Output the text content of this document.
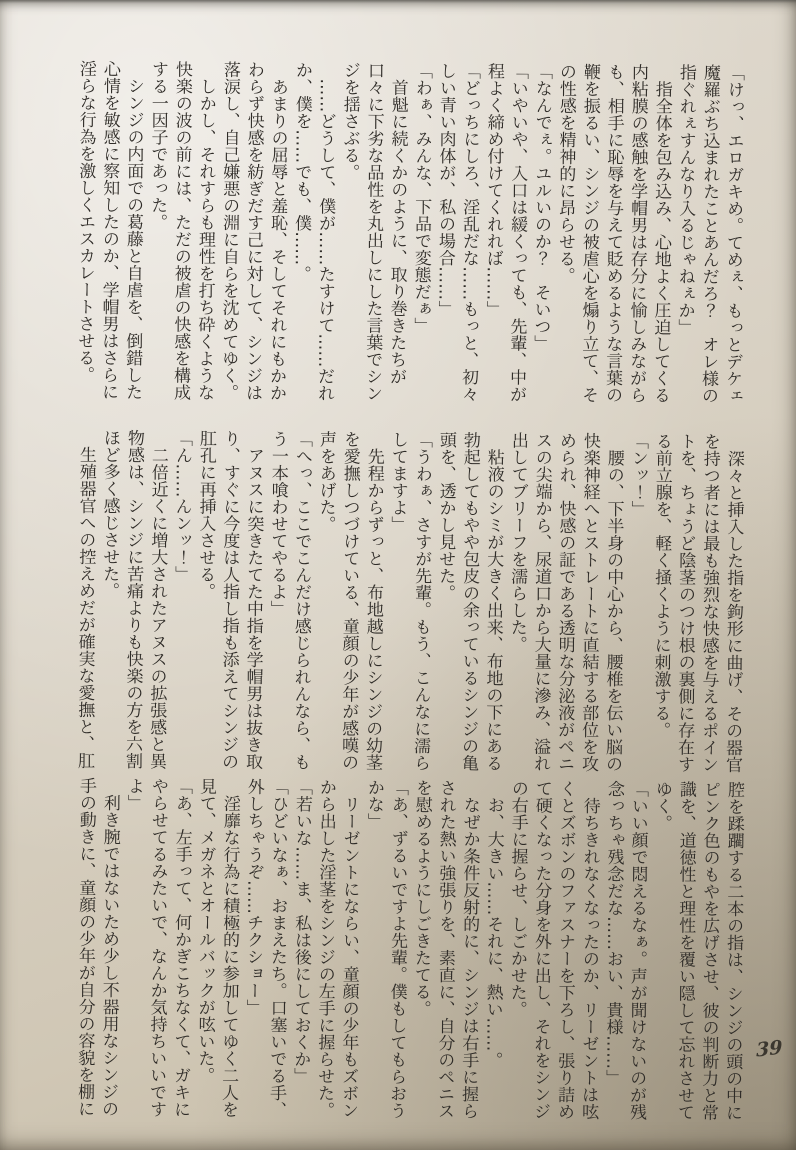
「けっ、エロガキめ。てめぇ、もっとデケェ魔羅ぶち込まれたことあんだろ？　オレ様の指ぐれぇすんなり入るじゃねぇか」

　指全体を包み込み、心地よく圧迫してくる内粘膜の感触を学帽男は存分に愉しみながらも、相手に恥辱を与えて貶めるような言葉の鞭を振るい、シンジの被虐心を煽り立て、その性感を精神的に昂らせる。

「なんでぇ。ユルいのか？　そいつ」

「いやいや、入口は緩くっても、先輩、中が程よく締め付けてくれれば……」

「どっちにしろ、淫乱だな……もっと、初々しい青い肉体が、私の場合……」

「わぁ、みんな、下品で変態だぁ」

　首魁に続くかのように、取り巻きたちが口々に下劣な品性を丸出しにした言葉でシンジを揺さぶる。

　……どうして、僕が……たすけて……だれか、僕を……でも、僕……。

　あまりの屈辱と羞恥、そしてそれにもかかわらず快感を紡ぎだす己に対して、シンジは落涙し、自己嫌悪の淵に自らを沈めてゆく。

　しかし、それすらも理性を打ち砕くような快楽の波の前には、ただの被虐の快感を構成する一因子であった。

　シンジの内面での葛藤と自虐を、倒錯した心情を敏感に察知したのか、学帽男はさらに淫らな行為を激しくエスカレートさせる。

　深々と挿入した指を鉤形に曲げ、その器官を持つ者には最も強烈な快感を与えるポイントを、ちょうど陰茎のつけ根の裏側に存在する前立腺を、軽く掻くように刺激する。

「ンッ！」

　腰の、下半身の中心から、腰椎を伝い脳の快楽神経へとストレートに直結する部位を攻められ、快感の証である透明な分泌液がペニスの尖端から、尿道口から大量に滲み、溢れ出してブリーフを濡らした。

　粘液のシミが大きく出来、布地の下にある勃起してもやや包皮の余っているシンジの亀頭を、透かし見せた。

「うわぁ、さすが先輩。もう、こんなに濡らしてますよ」

　先程からずっと、布地越しにシンジの幼茎を愛撫しつづけている、童顔の少年が感嘆の声をあげた。

「へっ、ここでこんだけ感じられんなら、もう一本喰わせてやるよ」

　アヌスに突きたてた中指を学帽男は抜き取り、すぐに今度は人指し指も添えてシンジの肛孔に再挿入させる。

「ん……んンッ！」

　二倍近くに増大されたアヌスの拡張感と異物感は、シンジに苦痛よりも快楽の方を六割ほど多く感じさせた。

　生殖器官への控えめだが確実な愛撫と、肛

腔を蹂躙する二本の指は、シンジの頭の中にピンク色のもやを広げさせ、彼の判断力と常識を、道徳性と理性を覆い隠して忘れさせてゆく。

「いい顔で悶えるなぁ。声が聞けないのが残念っちゃ残念だな……おい、貴様……」

　待ちきれなくなったのか、リーゼントは呟くとズボンのファスナーを下ろし、張り詰めて硬くなった分身を外に出し、それをシンジの右手に握らせ、しごかせた。

　お、大きい……それに、熱い……。

　なぜか条件反射的に、シンジは右手に握らされた熱い強張りを、素直に、自分のペニスを慰めるようにしごきたてる。

「あ、ずるいですよ先輩。僕もしてもらおうかな」

　リーゼントにならい、童顔の少年もズボンから出した淫茎をシンジの左手に握らせた。

「若いな……ま、私は後にしておくか」

「ひどいなぁ、おまえたち。口塞いでる手、外しちゃうぞ……チクショー」

　淫靡な行為に積極的に参加してゆく二人を見て、メガネとオールバックが呟いた。

「あ、左手って、何かぎこちなくて、ガキにやらせてるみたいで、なんか気持ちいいですよ」

　利き腕ではないため少し不器用なシンジの手の動きに、童顔の少年が自分の容貌を棚に	39
